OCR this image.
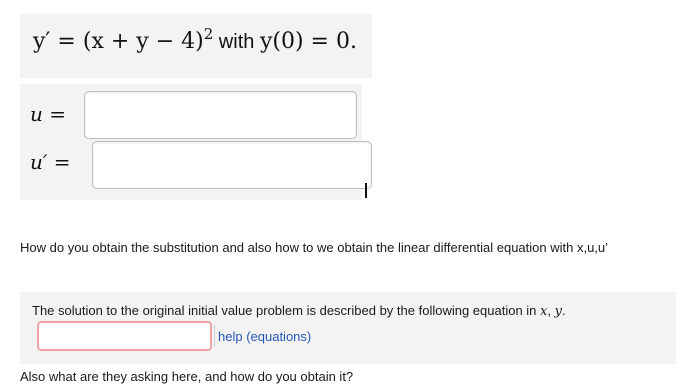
$y' = (x + y - 4)^2$ with y(0) = 0.
u =
u′ =
How do you obtain the substitution and also how to we obtain the linear differential equation with x,u,u’
The solution to the original initial value problem is described by the following equation in x, y.
help (equations)
Also what are they asking here, and how do you obtain it?
